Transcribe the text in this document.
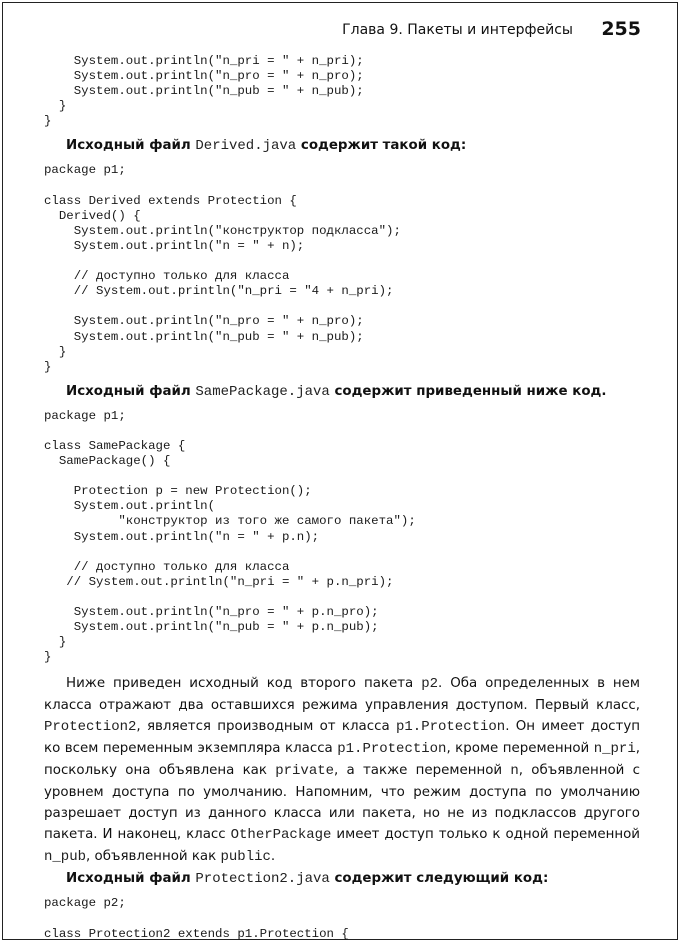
Глава 9. Пакеты и интерфейсы 255
System.out.println("n_pri = " + n_pri);
System.out.println("n_pro = " + n_pro);
System.out.println("n_pub = " + n_pub);
}
}

Исходный файл Derived.java содержит такой код:

package p1;

class Derived extends Protection {
Derived() {
System.out.println("конструктор подкласса");
System.out.println("n = " + n);

// доступно только для класса
// System.out.println("n_pri = "4 + n_pri);

System.out.println("n_pro = " + n_pro);
System.out.println("n_pub = " + n_pub);
}
}

Исходный файл SamePackage.java содержит приведенный ниже код.

package p1;

class SamePackage {
SamePackage() {

Protection p = new Protection();
System.out.println(
"конструктор из того же самого пакета");
System.out.println("n = " + p.n);

// доступно только для класса
// System.out.println("n_pri = " + p.n_pri);

System.out.println("n_pro = " + p.n_pro);
System.out.println("n_pub = " + p.n_pub);
}
}

Ниже приведен исходный код второго пакета p2. Оба определенных в нем класса отражают два оставшихся режима управления доступом. Первый класс, Protection2, является производным от класса p1.Protection. Он имеет доступ ко всем переменным экземпляра класса p1.Protection, кроме переменной n_pri, поскольку она объявлена как private, а также переменной n, объявленной с уровнем доступа по умолчанию. Напомним, что режим доступа по умолчанию разрешает доступ из данного класса или пакета, но не из подклассов другого пакета. И наконец, класс OtherPackage имеет доступ только к одной переменной n_pub, объявленной как public.

Исходный файл Protection2.java содержит следующий код:

package p2;

class Protection2 extends p1.Protection {
